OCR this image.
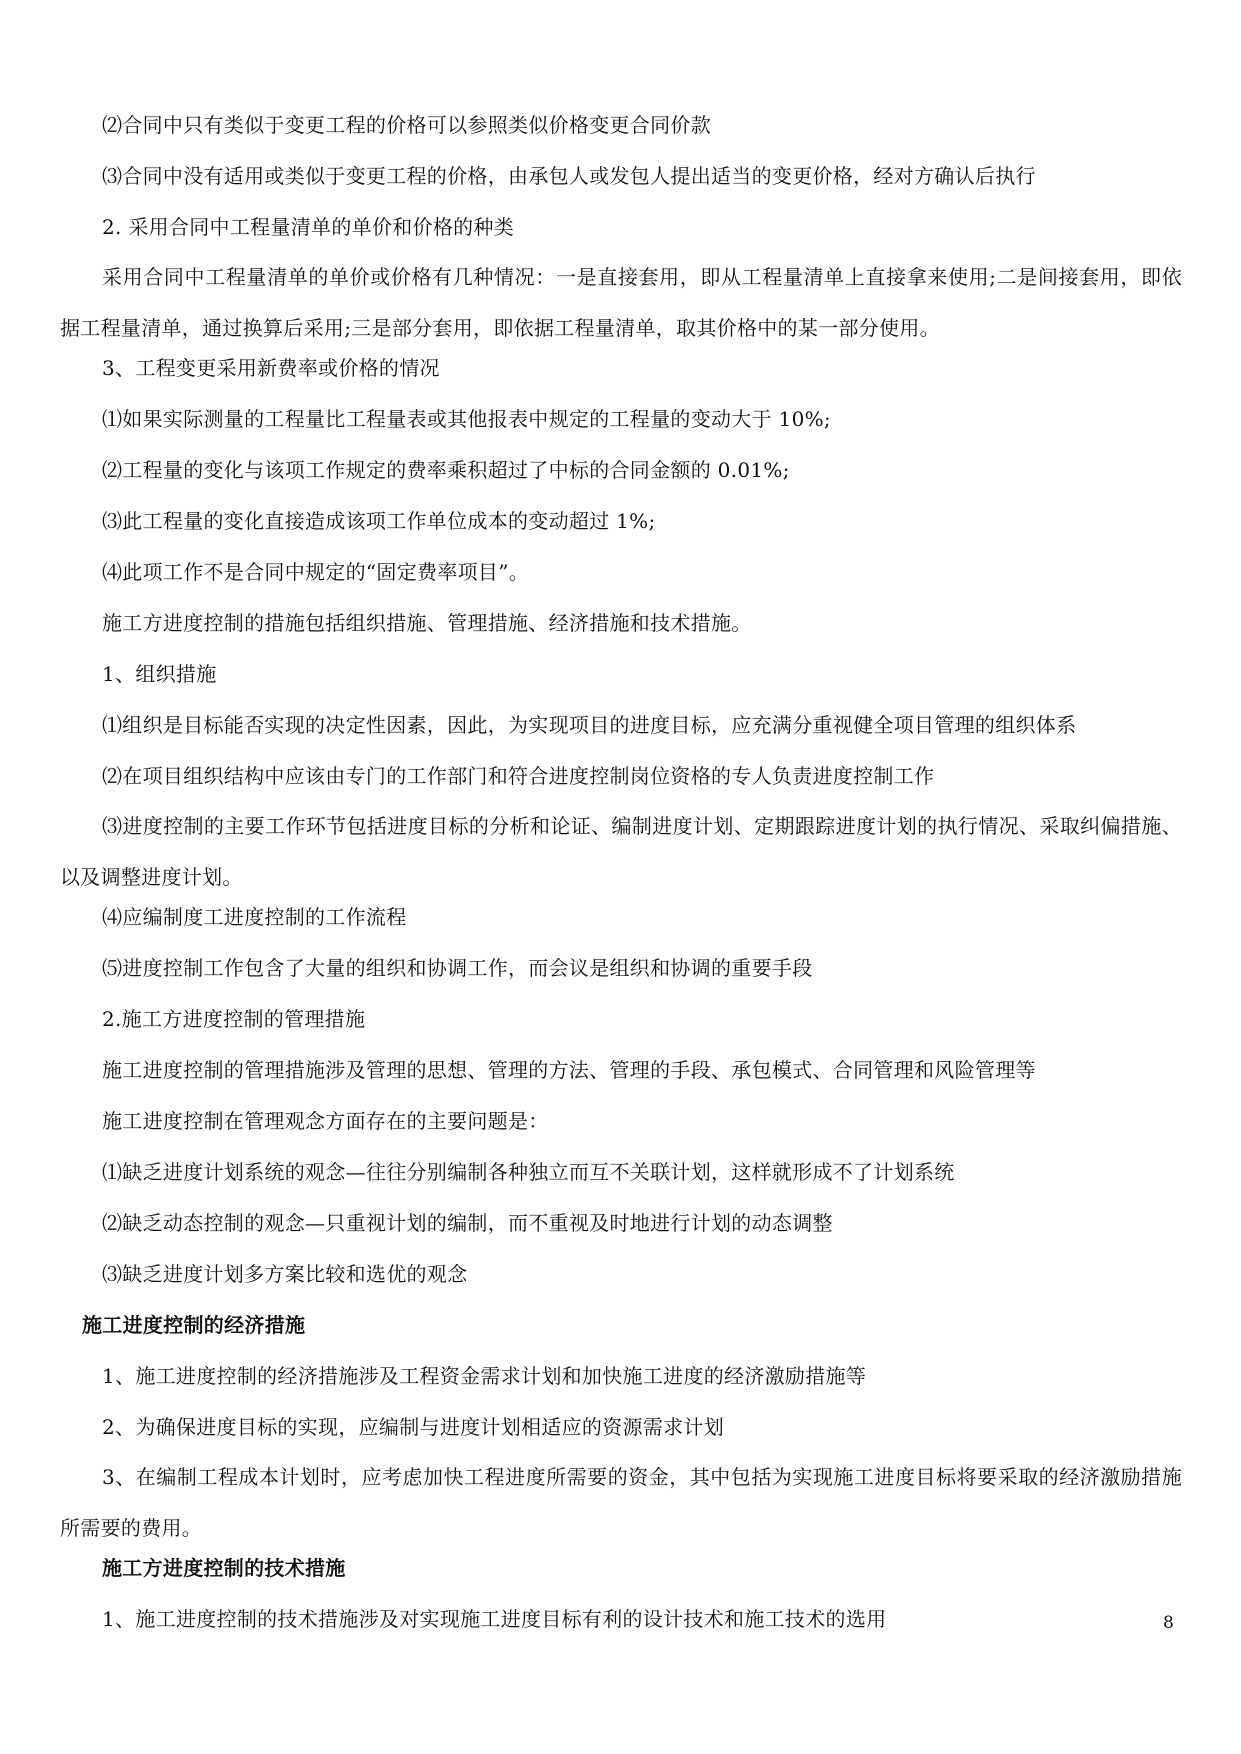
⑵合同中只有类似于变更工程的价格可以参照类似价格变更合同价款
⑶合同中没有适用或类似于变更工程的价格，由承包人或发包人提出适当的变更价格，经对方确认后执行
2. 采用合同中工程量清单的单价和价格的种类
采用合同中工程量清单的单价或价格有几种情况：一是直接套用，即从工程量清单上直接拿来使用;二是间接套用，即依据工程量清单，通过换算后采用;三是部分套用，即依据工程量清单，取其价格中的某一部分使用。
3、工程变更采用新费率或价格的情况
⑴如果实际测量的工程量比工程量表或其他报表中规定的工程量的变动大于 10%;
⑵工程量的变化与该项工作规定的费率乘积超过了中标的合同金额的 0.01%;
⑶此工程量的变化直接造成该项工作单位成本的变动超过 1%;
⑷此项工作不是合同中规定的“固定费率项目”。
施工方进度控制的措施包括组织措施、管理措施、经济措施和技术措施。
1、组织措施
⑴组织是目标能否实现的决定性因素，因此，为实现项目的进度目标，应充满分重视健全项目管理的组织体系
⑵在项目组织结构中应该由专门的工作部门和符合进度控制岗位资格的专人负责进度控制工作
⑶进度控制的主要工作环节包括进度目标的分析和论证、编制进度计划、定期跟踪进度计划的执行情况、采取纠偏措施、以及调整进度计划。
⑷应编制度工进度控制的工作流程
⑸进度控制工作包含了大量的组织和协调工作，而会议是组织和协调的重要手段
2.施工方进度控制的管理措施
施工进度控制的管理措施涉及管理的思想、管理的方法、管理的手段、承包模式、合同管理和风险管理等
施工进度控制在管理观念方面存在的主要问题是：
⑴缺乏进度计划系统的观念—往往分别编制各种独立而互不关联计划，这样就形成不了计划系统
⑵缺乏动态控制的观念—只重视计划的编制，而不重视及时地进行计划的动态调整
⑶缺乏进度计划多方案比较和选优的观念
施工进度控制的经济措施
1、施工进度控制的经济措施涉及工程资金需求计划和加快施工进度的经济激励措施等
2、为确保进度目标的实现，应编制与进度计划相适应的资源需求计划
3、在编制工程成本计划时，应考虑加快工程进度所需要的资金，其中包括为实现施工进度目标将要采取的经济激励措施所需要的费用。
施工方进度控制的技术措施
1、施工进度控制的技术措施涉及对实现施工进度目标有利的设计技术和施工技术的选用	8
